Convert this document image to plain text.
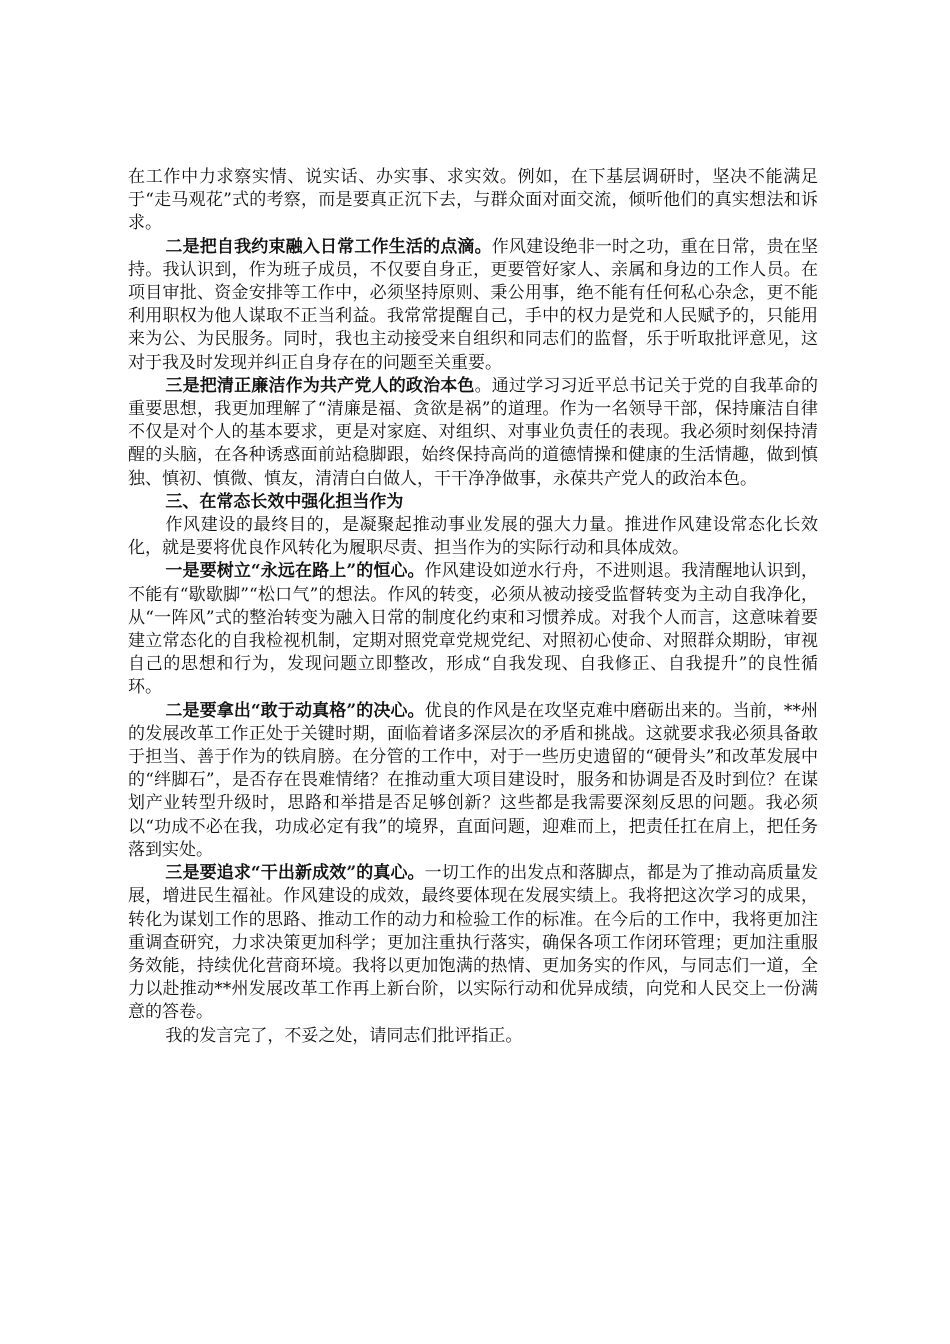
在工作中力求察实情、说实话、办实事、求实效。例如，在下基层调研时，坚决不能满足于“走马观花”式的考察，而是要真正沉下去，与群众面对面交流，倾听他们的真实想法和诉求。

二是把自我约束融入日常工作生活的点滴。作风建设绝非一时之功，重在日常，贵在坚持。我认识到，作为班子成员，不仅要自身正，更要管好家人、亲属和身边的工作人员。在项目审批、资金安排等工作中，必须坚持原则、秉公用事，绝不能有任何私心杂念，更不能利用职权为他人谋取不正当利益。我常常提醒自己，手中的权力是党和人民赋予的，只能用来为公、为民服务。同时，我也主动接受来自组织和同志们的监督，乐于听取批评意见，这对于我及时发现并纠正自身存在的问题至关重要。

三是把清正廉洁作为共产党人的政治本色。通过学习习近平总书记关于党的自我革命的重要思想，我更加理解了“清廉是福、贪欲是祸”的道理。作为一名领导干部，保持廉洁自律不仅是对个人的基本要求，更是对家庭、对组织、对事业负责任的表现。我必须时刻保持清醒的头脑，在各种诱惑面前站稳脚跟，始终保持高尚的道德情操和健康的生活情趣，做到慎独、慎初、慎微、慎友，清清白白做人，干干净净做事，永葆共产党人的政治本色。

三、在常态长效中强化担当作为

作风建设的最终目的，是凝聚起推动事业发展的强大力量。推进作风建设常态化长效化，就是要将优良作风转化为履职尽责、担当作为的实际行动和具体成效。

一是要树立“永远在路上”的恒心。作风建设如逆水行舟，不进则退。我清醒地认识到，不能有“歇歇脚”“松口气”的想法。作风的转变，必须从被动接受监督转变为主动自我净化，从“一阵风”式的整治转变为融入日常的制度化约束和习惯养成。对我个人而言，这意味着要建立常态化的自我检视机制，定期对照党章党规党纪、对照初心使命、对照群众期盼，审视自己的思想和行为，发现问题立即整改，形成“自我发现、自我修正、自我提升”的良性循环。

二是要拿出“敢于动真格”的决心。优良的作风是在攻坚克难中磨砺出来的。当前，**州的发展改革工作正处于关键时期，面临着诸多深层次的矛盾和挑战。这就要求我必须具备敢于担当、善于作为的铁肩膀。在分管的工作中，对于一些历史遗留的“硬骨头”和改革发展中的“绊脚石”，是否存在畏难情绪？在推动重大项目建设时，服务和协调是否及时到位？在谋划产业转型升级时，思路和举措是否足够创新？这些都是我需要深刻反思的问题。我必须以“功成不必在我，功成必定有我”的境界，直面问题，迎难而上，把责任扛在肩上，把任务落到实处。

三是要追求“干出新成效”的真心。一切工作的出发点和落脚点，都是为了推动高质量发展，增进民生福祉。作风建设的成效，最终要体现在发展实绩上。我将把这次学习的成果，转化为谋划工作的思路、推动工作的动力和检验工作的标准。在今后的工作中，我将更加注重调查研究，力求决策更加科学；更加注重执行落实，确保各项工作闭环管理；更加注重服务效能，持续优化营商环境。我将以更加饱满的热情、更加务实的作风，与同志们一道，全力以赴推动**州发展改革工作再上新台阶，以实际行动和优异成绩，向党和人民交上一份满意的答卷。

我的发言完了，不妥之处，请同志们批评指正。
